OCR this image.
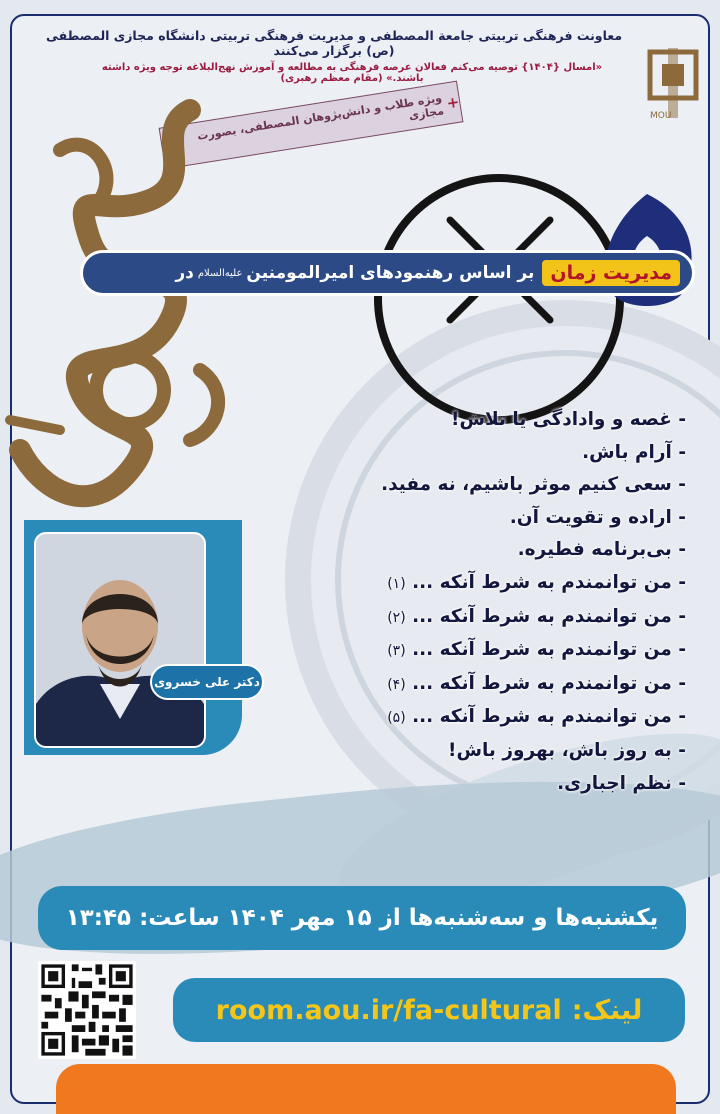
معاونت فرهنگی تربیتی جامعة المصطفی و مدیریت فرهنگی تربیتی دانشگاه مجازی المصطفی (ص) برگزار می‌کنند
«امسال {۱۴۰۴} توصیه می‌کنم فعالان عرصه فرهنگی به مطالعه و آموزش نهج‌البلاغه توجه ویژه داشته باشند.» (مقام معظم رهبری)
MOU
+
ویژه طلاب و دانش‌پژوهان المصطفی، بصورت مجازی
مدیریت زمان
بر اساس رهنمودهای امیرالمومنین
علیه‌السلام
در
- غصه و وادادگی یا تلاش!
- آرام باش.
- سعی کنیم موثر باشیم، نه مفید.
- اراده و تقویت آن.
- بی‌برنامه فطیره.
- من توانمندم به شرط آنکه ... (۱)
- من توانمندم به شرط آنکه ... (۲)
- من توانمندم به شرط آنکه ... (۳)
- من توانمندم به شرط آنکه ... (۴)
- من توانمندم به شرط آنکه ... (۵)
- به روز باش، بهروز باش!
- نظم اجباری.
دکتر علی خسروی
یکشنبه‌ها و سه‌شنبه‌ها از ۱۵ مهر ۱۴۰۴ ساعت: ۱۳:۴۵
لینک:
room.aou.ir/fa-cultural
